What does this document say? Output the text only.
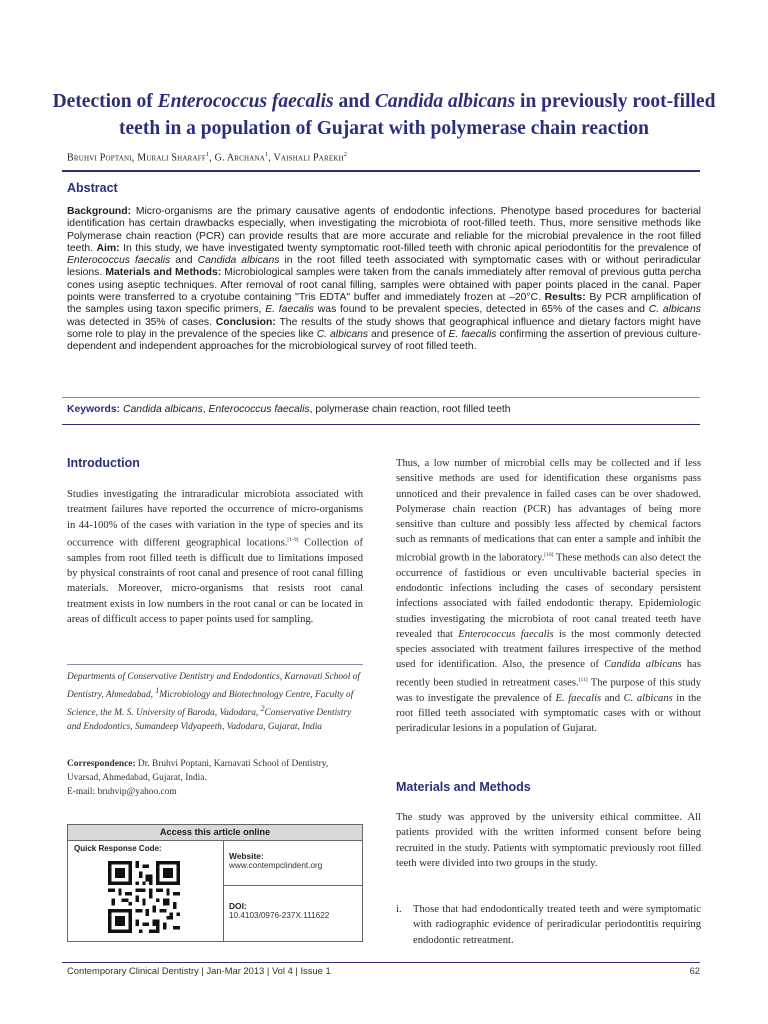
Detection of Enterococcus faecalis and Candida albicans in previously root-filled teeth in a population of Gujarat with polymerase chain reaction
Bruhvi Poptani, Murali Sharaff$^1$, G. Archana$^1$, Vaishali Parekh$^2$
Abstract
Background: Micro-organisms are the primary causative agents of endodontic infections. Phenotype based procedures for bacterial identification has certain drawbacks especially, when investigating the microbiota of root-filled teeth. Thus, more sensitive methods like Polymerase chain reaction (PCR) can provide results that are more accurate and reliable for the microbial prevalence in the root filled teeth. Aim: In this study, we have investigated twenty symptomatic root-filled teeth with chronic apical periodontitis for the prevalence of Enterococcus faecalis and Candida albicans in the root filled teeth associated with symptomatic cases with or without periradicular lesions. Materials and Methods: Microbiological samples were taken from the canals immediately after removal of previous gutta percha cones using aseptic techniques. After removal of root canal filling, samples were obtained with paper points placed in the canal. Paper points were transferred to a cryotube containing "Tris EDTA" buffer and immediately frozen at –20°C. Results: By PCR amplification of the samples using taxon specific primers, E. faecalis was found to be prevalent species, detected in 65% of the cases and C. albicans was detected in 35% of cases. Conclusion: The results of the study shows that geographical influence and dietary factors might have some role to play in the prevalence of the species like C. albicans and presence of E. faecalis confirming the assertion of previous culture-dependent and independent approaches for the microbiological survey of root filled teeth.
Keywords: Candida albicans, Enterococcus faecalis, polymerase chain reaction, root filled teeth
Introduction
Studies investigating the intraradicular microbiota associated with treatment failures have reported the occurrence of micro-organisms in 44-100% of the cases with variation in the type of species and its occurrence with different geographical locations.[1-9] Collection of samples from root filled teeth is difficult due to limitations imposed by physical constraints of root canal and presence of root canal filling materials. Moreover, micro-organisms that resists root canal treatment exists in low numbers in the root canal or can be located in areas of difficult access to paper points used for sampling.
Departments of Conservative Dentistry and Endodontics, Karnavati School of Dentistry, Ahmedabad, $^1$Microbiology and Biotechnology Centre, Faculty of Science, the M. S. University of Baroda, Vadodara, $^2$Conservative Dentistry and Endodontics, Sumandeep Vidyapeeth, Vadodara, Gujarat, India
Correspondence: Dr. Bruhvi Poptani, Karnavati School of Dentistry, Uvarsad, Ahmedabad, Gujarat, India.
E-mail: bruhvip@yahoo.com
Access this article online
Quick Response Code:
Website:
www.contempclindent.org
DOI:
10.4103/0976-237X.111622
Thus, a low number of microbial cells may be collected and if less sensitive methods are used for identification these organisms pass unnoticed and their prevalence in failed cases can be over shadowed. Polymerase chain reaction (PCR) has advantages of being more sensitive than culture and possibly less affected by chemical factors such as remnants of medications that can enter a sample and inhibit the microbial growth in the laboratory.[10] These methods can also detect the occurrence of fastidious or even uncultivable bacterial species in endodontic infections including the cases of secondary persistent infections associated with failed endodontic therapy. Epidemiologic studies investigating the microbiota of root canal treated teeth have revealed that Enterococcus faecalis is the most commonly detected species associated with treatment failures irrespective of the method used for identification. Also, the presence of Candida albicans has recently been studied in retreatment cases.[11] The purpose of this study was to investigate the prevalence of E. faecalis and C. albicans in the root filled teeth associated with symptomatic cases with or without periradicular lesions in a population of Gujarat.
Materials and Methods
The study was approved by the university ethical committee. All patients provided with the written informed consent before being recruited in the study. Patients with symptomatic previously root filled teeth were divided into two groups in the study.
i. Those that had endodontically treated teeth and were symptomatic with radiographic evidence of periradicular periodontitis requiring endodontic retreatment.
Contemporary Clinical Dentistry | Jan-Mar 2013 | Vol 4 | Issue 1	62
